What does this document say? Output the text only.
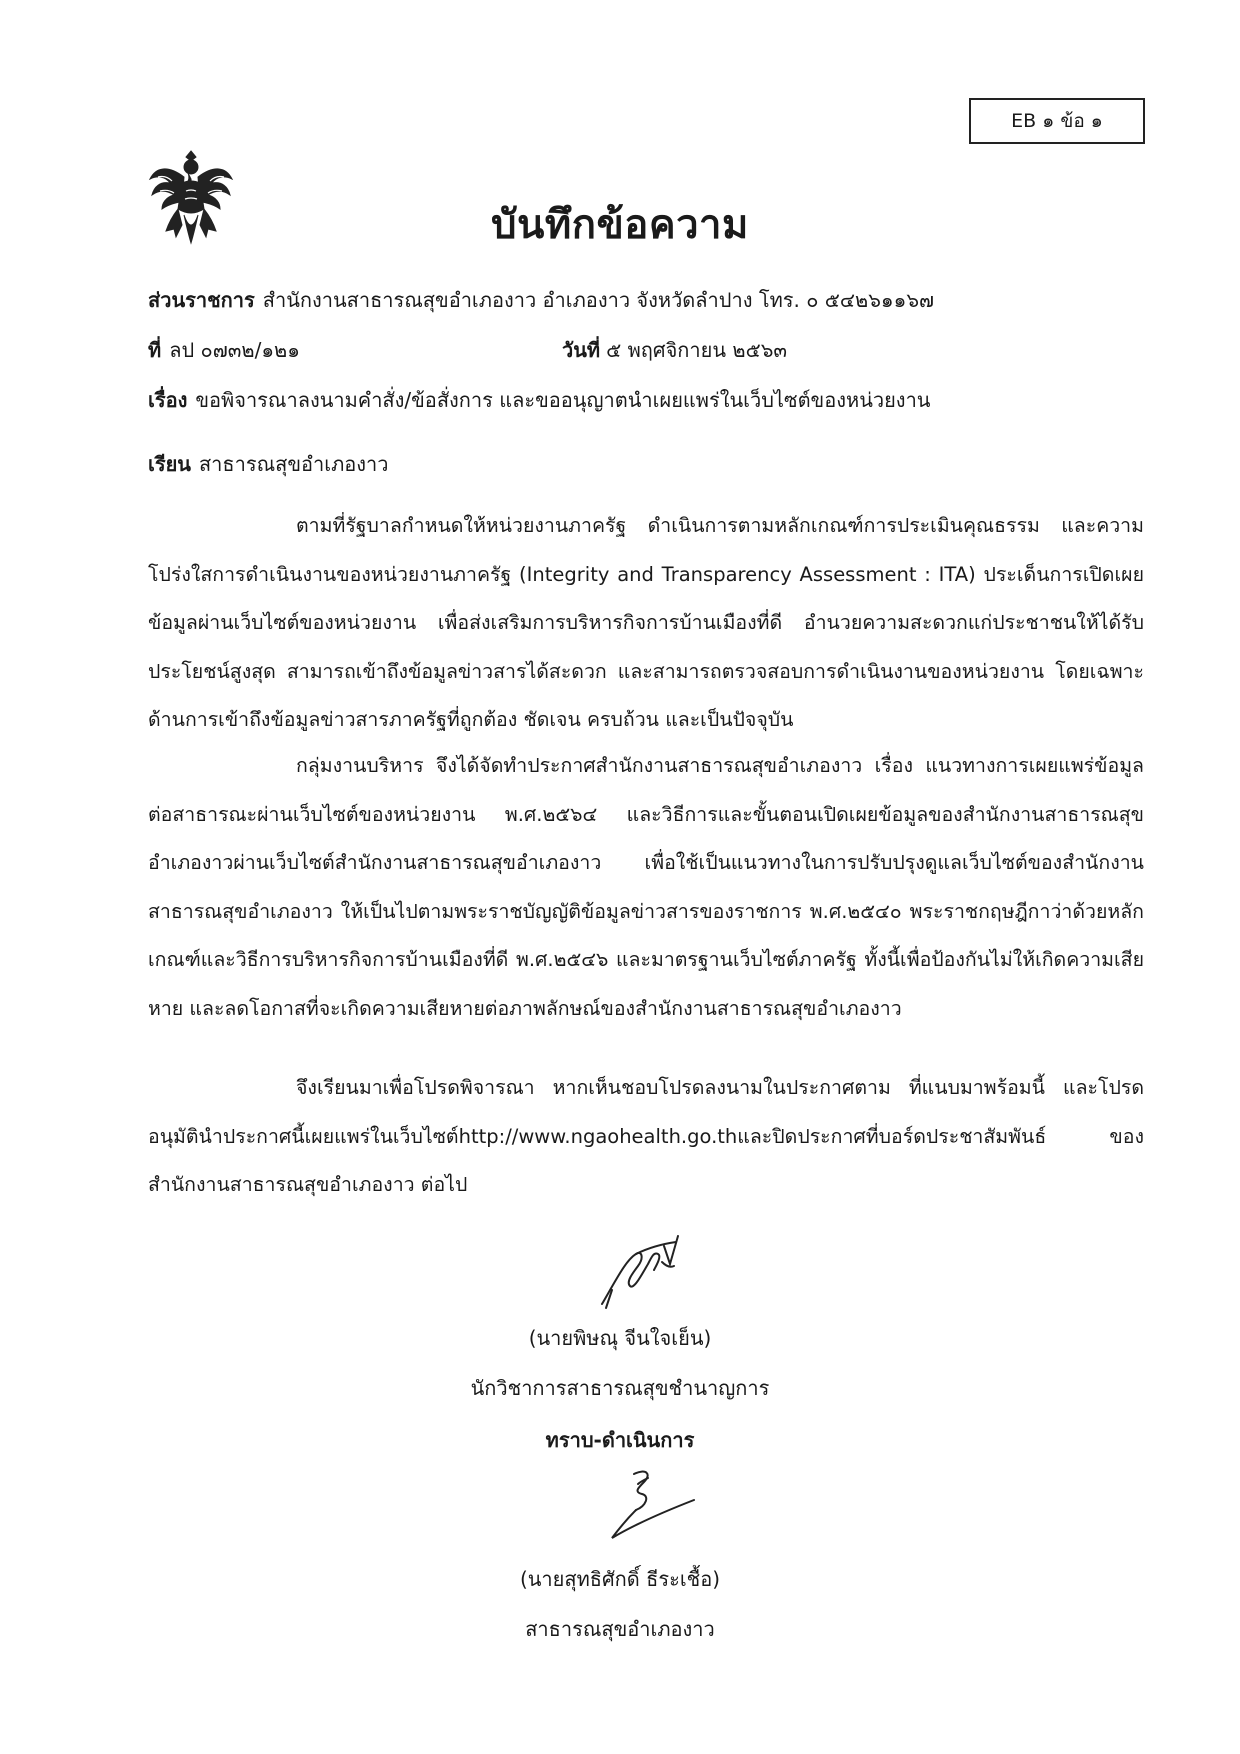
EB ๑ ข้อ ๑
บันทึกข้อความ
ส่วนราชการ สำนักงานสาธารณสุขอำเภองาว อำเภองาว จังหวัดลำปาง โทร. ๐ ๕๔๒๖๑๑๖๗
ที่ ลป ๐๗๓๒/๑๒๑	วันที่ ๕ พฤศจิกายน ๒๕๖๓
เรื่อง ขอพิจารณาลงนามคำสั่ง/ข้อสั่งการ และขออนุญาตนำเผยแพร่ในเว็บไซต์ของหน่วยงาน
เรียน สาธารณสุขอำเภองาว

ตามที่รัฐบาลกำหนดให้หน่วยงานภาครัฐ ดำเนินการตามหลักเกณฑ์การประเมินคุณธรรม และความโปร่งใสการดำเนินงานของหน่วยงานภาครัฐ (Integrity and Transparency Assessment : ITA) ประเด็นการเปิดเผยข้อมูลผ่านเว็บไซต์ของหน่วยงาน เพื่อส่งเสริมการบริหารกิจการบ้านเมืองที่ดี อำนวยความสะดวกแก่ประชาชนให้ได้รับประโยชน์สูงสุด สามารถเข้าถึงข้อมูลข่าวสารได้สะดวก และสามารถตรวจสอบการดำเนินงานของหน่วยงาน โดยเฉพาะด้านการเข้าถึงข้อมูลข่าวสารภาครัฐที่ถูกต้อง ชัดเจน ครบถ้วน และเป็นปัจจุบัน

กลุ่มงานบริหาร จึงได้จัดทำประกาศสำนักงานสาธารณสุขอำเภองาว เรื่อง แนวทางการเผยแพร่ข้อมูลต่อสาธารณะผ่านเว็บไซต์ของหน่วยงาน พ.ศ.๒๕๖๔ และวิธีการและขั้นตอนเปิดเผยข้อมูลของสำนักงานสาธารณสุขอำเภองาวผ่านเว็บไซต์สำนักงานสาธารณสุขอำเภองาว เพื่อใช้เป็นแนวทางในการปรับปรุงดูแลเว็บไซต์ของสำนักงานสาธารณสุขอำเภองาว ให้เป็นไปตามพระราชบัญญัติข้อมูลข่าวสารของราชการ พ.ศ.๒๕๔๐ พระราชกฤษฎีกาว่าด้วยหลักเกณฑ์และวิธีการบริหารกิจการบ้านเมืองที่ดี พ.ศ.๒๕๔๖ และมาตรฐานเว็บไซต์ภาครัฐ ทั้งนี้เพื่อป้องกันไม่ให้เกิดความเสียหาย และลดโอกาสที่จะเกิดความเสียหายต่อภาพลักษณ์ของสำนักงานสาธารณสุขอำเภองาว

จึงเรียนมาเพื่อโปรดพิจารณา หากเห็นชอบโปรดลงนามในประกาศตาม ที่แนบมาพร้อมนี้ และโปรดอนุมัตินำประกาศนี้เผยแพร่ในเว็บไซต์http://www.ngaohealth.go.thและปิดประกาศที่บอร์ดประชาสัมพันธ์ ของสำนักงานสาธารณสุขอำเภองาว ต่อไป

(นายพิษณุ จีนใจเย็น)
นักวิชาการสาธารณสุขชำนาญการ
ทราบ-ดำเนินการ
(นายสุทธิศักดิ์ ธีระเชื้อ)
สาธารณสุขอำเภองาว
